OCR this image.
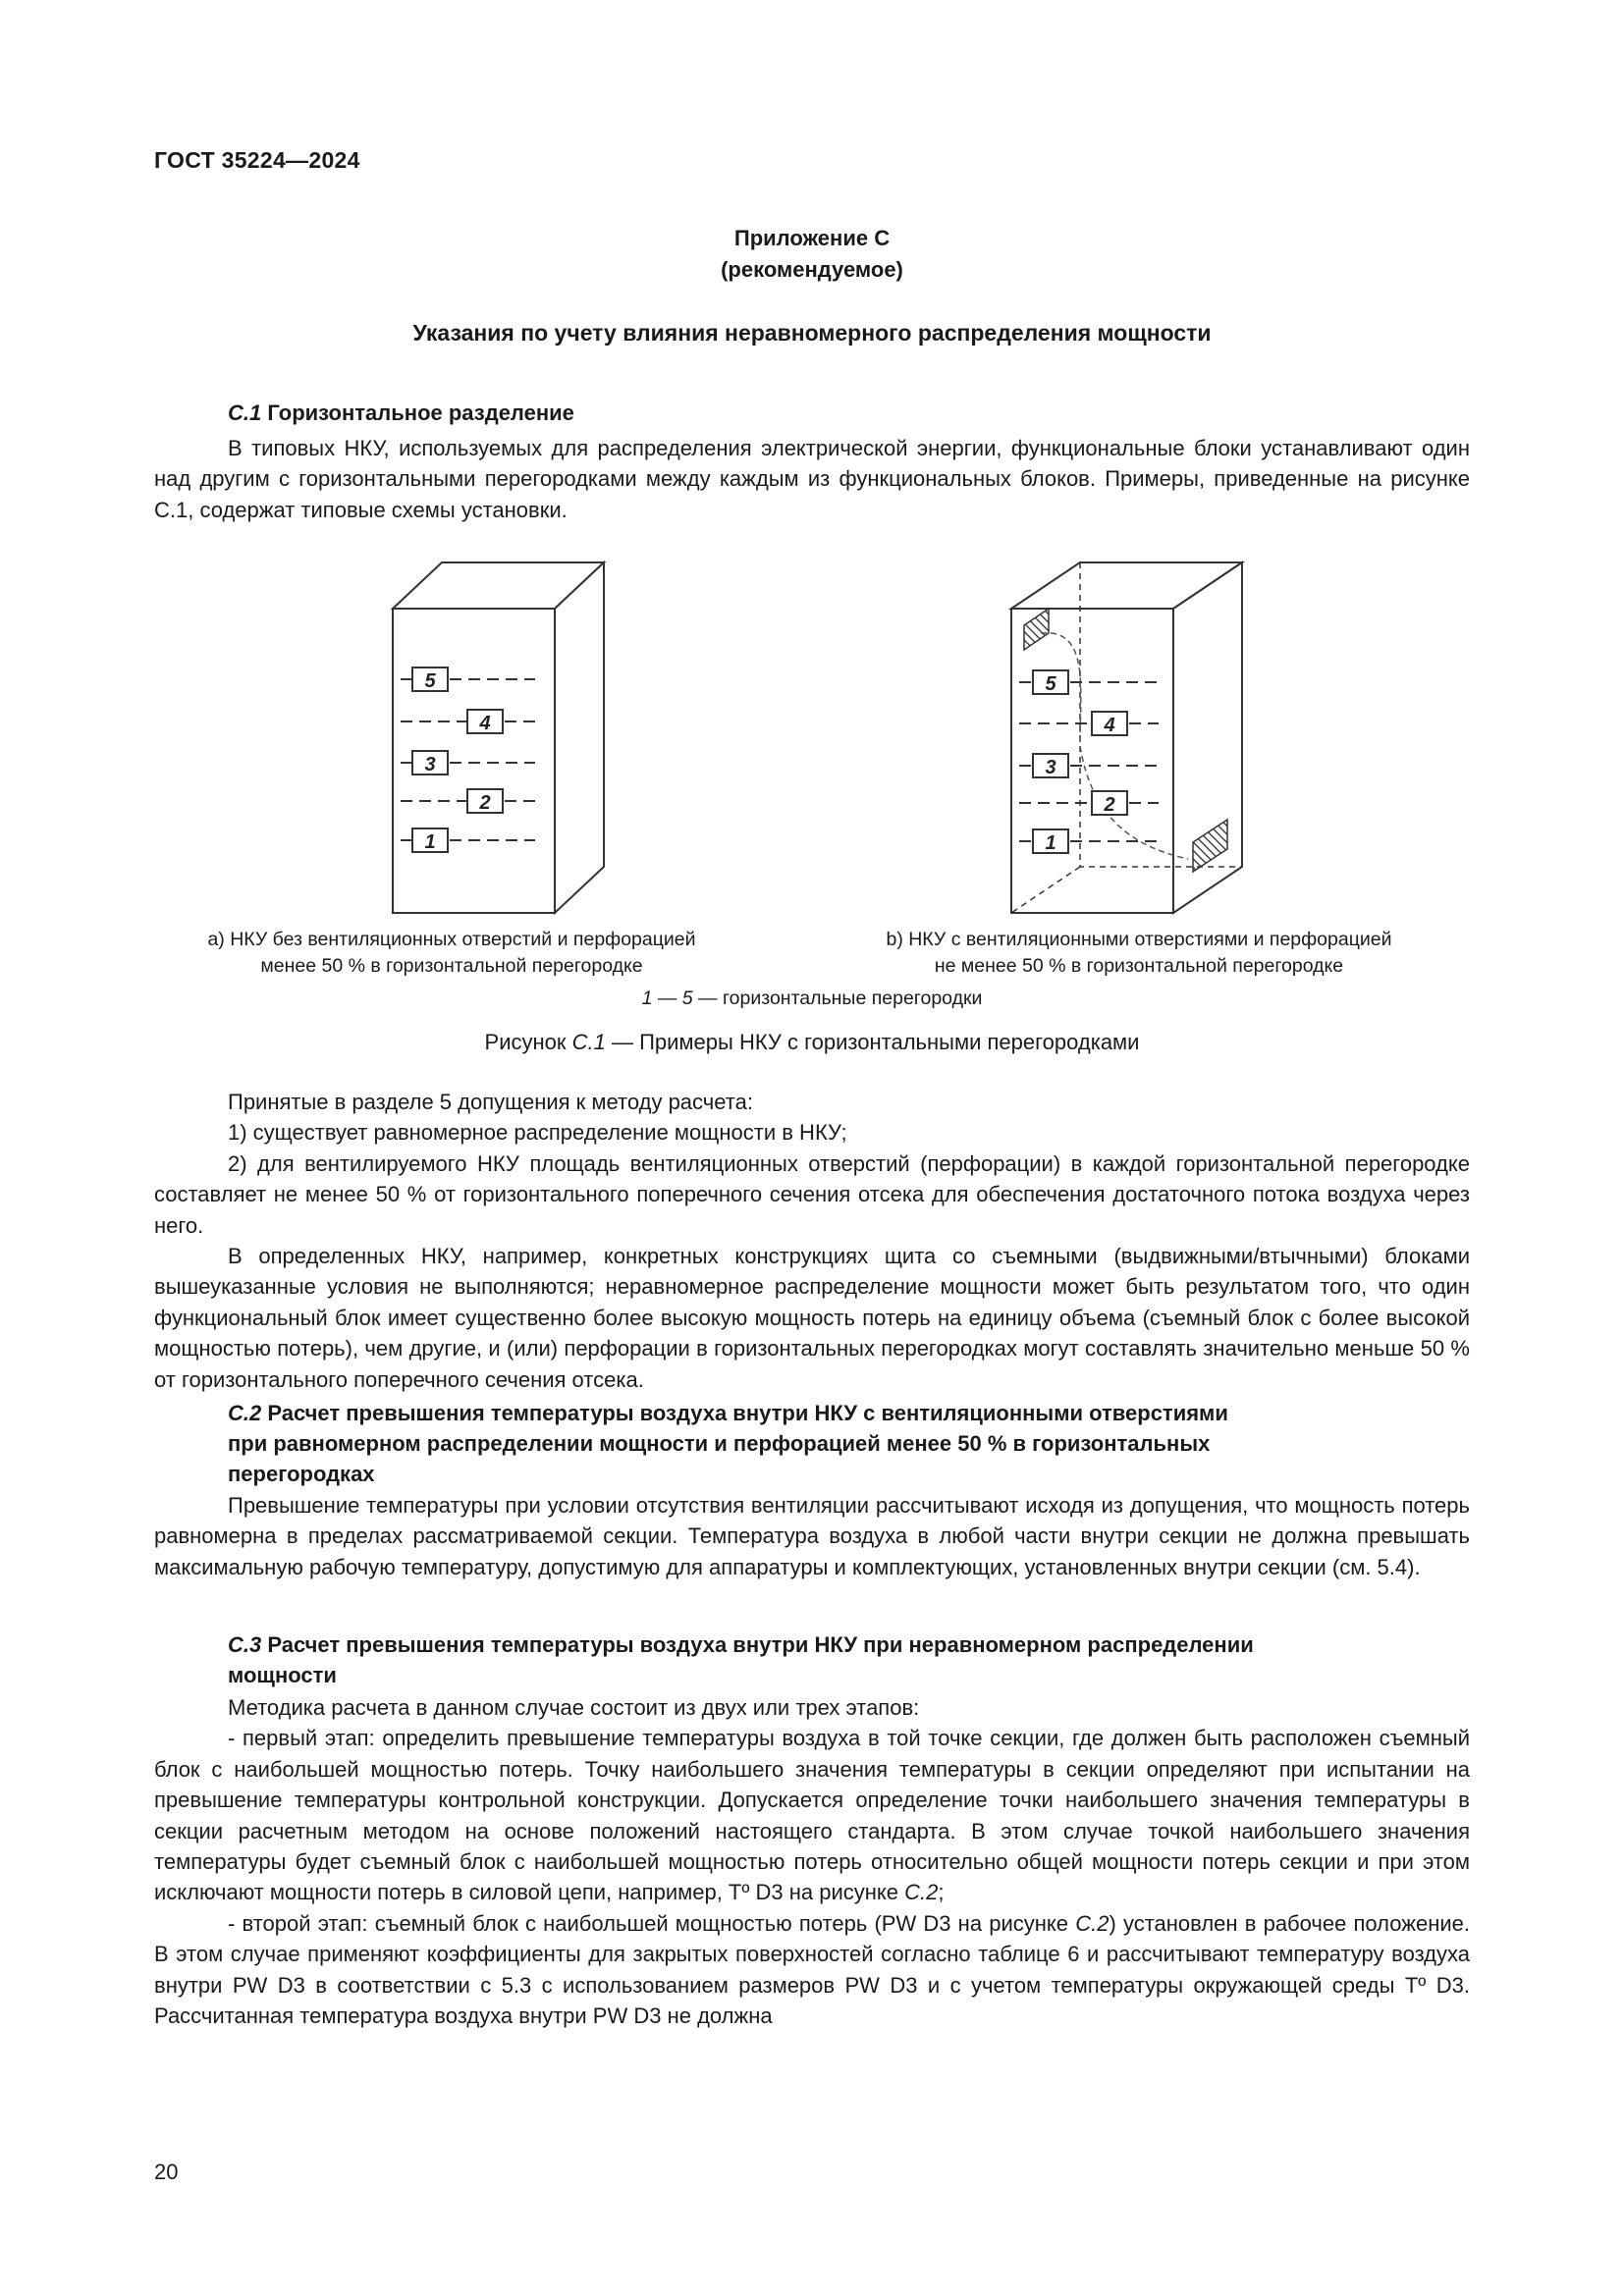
ГОСТ 35224—2024
Приложение C
(рекомендуемое)
Указания по учету влияния неравномерного распределения мощности
С.1 Горизонтальное разделение

В типовых НКУ, используемых для распределения электрической энергии, функциональные блоки устанавливают один над другим с горизонтальными перегородками между каждым из функциональных блоков. Примеры, приведенные на рисунке С.1, содержат типовые схемы установки.

5
4
3
2
1
5
4
3
2
1
a) НКУ без вентиляционных отверстий и перфорацией
менее 50 % в горизонтальной перегородке
b) НКУ с вентиляционными отверстиями и перфорацией
не менее 50 % в горизонтальной перегородке
1 — 5 — горизонтальные перегородки
Рисунок С.1 — Примеры НКУ с горизонтальными перегородками

Принятые в разделе 5 допущения к методу расчета:

1) существует равномерное распределение мощности в НКУ;

2) для вентилируемого НКУ площадь вентиляционных отверстий (перфорации) в каждой горизонтальной перегородке составляет не менее 50 % от горизонтального поперечного сечения отсека для обеспечения достаточного потока воздуха через него.

В определенных НКУ, например, конкретных конструкциях щита со съемными (выдвижными/втычными) блоками вышеуказанные условия не выполняются; неравномерное распределение мощности может быть результатом того, что один функциональный блок имеет существенно более высокую мощность потерь на единицу объема (съемный блок с более высокой мощностью потерь), чем другие, и (или) перфорации в горизонтальных перегородках могут составлять значительно меньше 50 % от горизонтального поперечного сечения отсека.

С.2 Расчет превышения температуры воздуха внутри НКУ с вентиляционными отверстиями
при равномерном распределении мощности и перфорацией менее 50 % в горизонтальных
перегородках

Превышение температуры при условии отсутствия вентиляции рассчитывают исходя из допущения, что мощность потерь равномерна в пределах рассматриваемой секции. Температура воздуха в любой части внутри секции не должна превышать максимальную рабочую температуру, допустимую для аппаратуры и комплектующих, установленных внутри секции (см. 5.4).

С.3 Расчет превышения температуры воздуха внутри НКУ при неравномерном распределении
мощности

Методика расчета в данном случае состоит из двух или трех этапов:

- первый этап: определить превышение температуры воздуха в той точке секции, где должен быть расположен съемный блок с наибольшей мощностью потерь. Точку наибольшего значения температуры в секции определяют при испытании на превышение температуры контрольной конструкции. Допускается определение точки наибольшего значения температуры в секции расчетным методом на основе положений настоящего стандарта. В этом случае точкой наибольшего значения температуры будет съемный блок с наибольшей мощностью потерь относительно общей мощности потерь секции и при этом исключают мощности потерь в силовой цепи, например, Tº D3 на рисунке С.2;

- второй этап: съемный блок с наибольшей мощностью потерь (PW D3 на рисунке С.2) установлен в рабочее положение. В этом случае применяют коэффициенты для закрытых поверхностей согласно таблице 6 и рассчитывают температуру воздуха внутри PW D3 в соответствии с 5.3 с использованием размеров PW D3 и с учетом температуры окружающей среды Tº D3. Рассчитанная температура воздуха внутри PW D3 не должна

20
